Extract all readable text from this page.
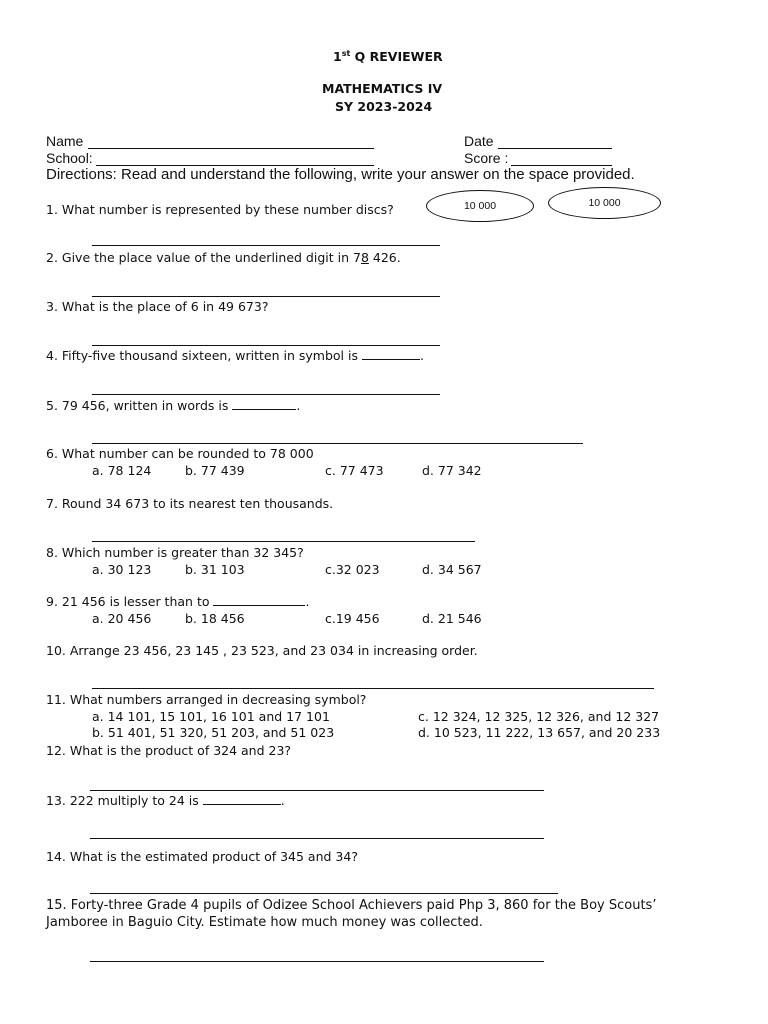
1st Q REVIEWER
MATHEMATICS IV
SY 2023-2024
Name	Date
School:	Score :
Directions: Read and understand the following, write your answer on the space provided.
1. What number is represented by these number discs?	10 000	10 000
2. Give the place value of the underlined digit in 78 426.
3. What is the place of 6 in 49 673?
4. Fifty-five thousand sixteen, written in symbol is	.
5. 79 456, written in words is	.
6. What number can be rounded to 78 000
a. 78 124	b. 77 439	c. 77 473	d. 77 342
7. Round 34 673 to its nearest ten thousands.
8. Which number is greater than 32 345?
a. 30 123	b. 31 103	c.32 023	d. 34 567
9. 21 456 is lesser than to	.
a. 20 456	b. 18 456	c.19 456	d. 21 546
10. Arrange 23 456, 23 145 , 23 523, and 23 034 in increasing order.
11. What numbers arranged in decreasing symbol?
a. 14 101, 15 101, 16 101 and 17 101
b. 51 401, 51 320, 51 203, and 51 023
c. 12 324, 12 325, 12 326, and 12 327
d. 10 523, 11 222, 13 657, and 20 233
12. What is the product of 324 and 23?
13. 222 multiply to 24 is	.
14. What is the estimated product of 345 and 34?
15. Forty-three Grade 4 pupils of Odizee School Achievers paid Php 3, 860 for the Boy Scouts’
Jamboree in Baguio City. Estimate how much money was collected.
